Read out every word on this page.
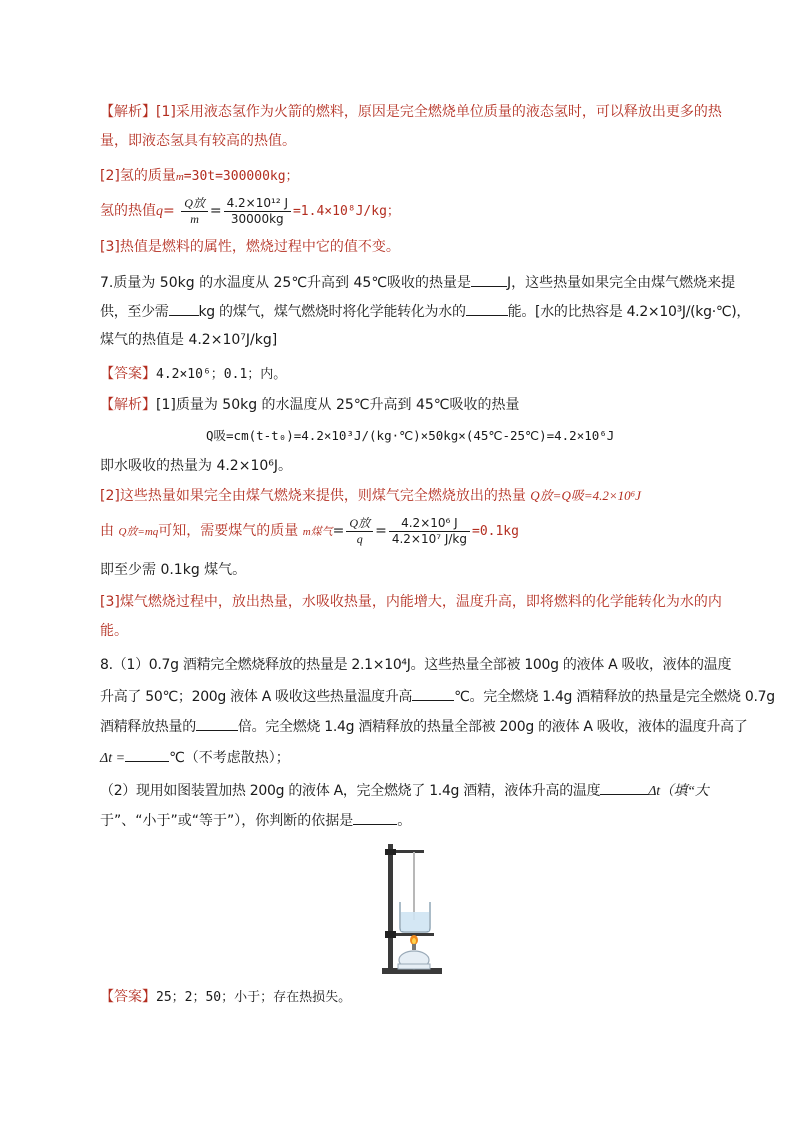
【解析】[1]采用液态氢作为火箭的燃料，原因是完全燃烧单位质量的液态氢时，可以释放出更多的热
量，即液态氢具有较高的热值。
[2]氢的质量m=30t=300000kg；
氢的热值$q= \frac{\text{Q放}}{m} = \frac{\text{4.2×10¹² J}}{30000kg} =1.4\times 10^8J/kg$；
[3]热值是燃料的属性，燃烧过程中它的值不变。
7.质量为 50kg 的水温度从 25℃升高到 45℃吸收的热量是	J，这些热量如果完全由煤气燃烧来提
供，至少需 kg 的煤气，煤气燃烧时将化学能转化为水的	能。[水的比热容是 4.2×10³J/(kg·℃)，
煤气的热值是 4.2×10⁷J/kg]
【答案】4.2×10⁶；0.1；内。
【解析】[1]质量为 50kg 的水温度从 25℃升高到 45℃吸收的热量
Q吸=cm(t-t₀)=4.2×10³J/(kg·℃)×50kg×(45℃-25℃)=4.2×10⁶J
即水吸收的热量为 4.2×10⁶J。
[2]这些热量如果完全由煤气燃烧来提供，则煤气完全燃烧放出的热量 Q放=Q吸=4.2×10⁶J
由 Q放=mq可知，需要煤气的质量 m煤气= $\frac{\text{Q放}}{q} = \frac{\text{4.2×10⁶ J}}{\text{4.2×10⁷ J/kg}} =0.1kg$
即至少需 0.1kg 煤气。
[3]煤气燃烧过程中，放出热量，水吸收热量，内能增大，温度升高，即将燃料的化学能转化为水的内
能。
8.（1）0.7g 酒精完全燃烧释放的热量是 2.1×10⁴J。这些热量全部被 100g 的液体 A 吸收，液体的温度
升高了 50℃；200g 液体 A 吸收这些热量温度升高	℃。完全燃烧 1.4g 酒精释放的热量是完全燃烧 0.7g
酒精释放热量的	倍。完全燃烧 1.4g 酒精释放的热量全部被 200g 的液体 A 吸收，液体的温度升高了
Δt =	℃（不考虑散热）；
（2）现用如图装置加热 200g 的液体 A，完全燃烧了 1.4g 酒精，液体升高的温度	Δt（填“大
于”、“小于”或“等于”），你判断的依据是	。
【答案】25；2；50；小于；存在热损失。
